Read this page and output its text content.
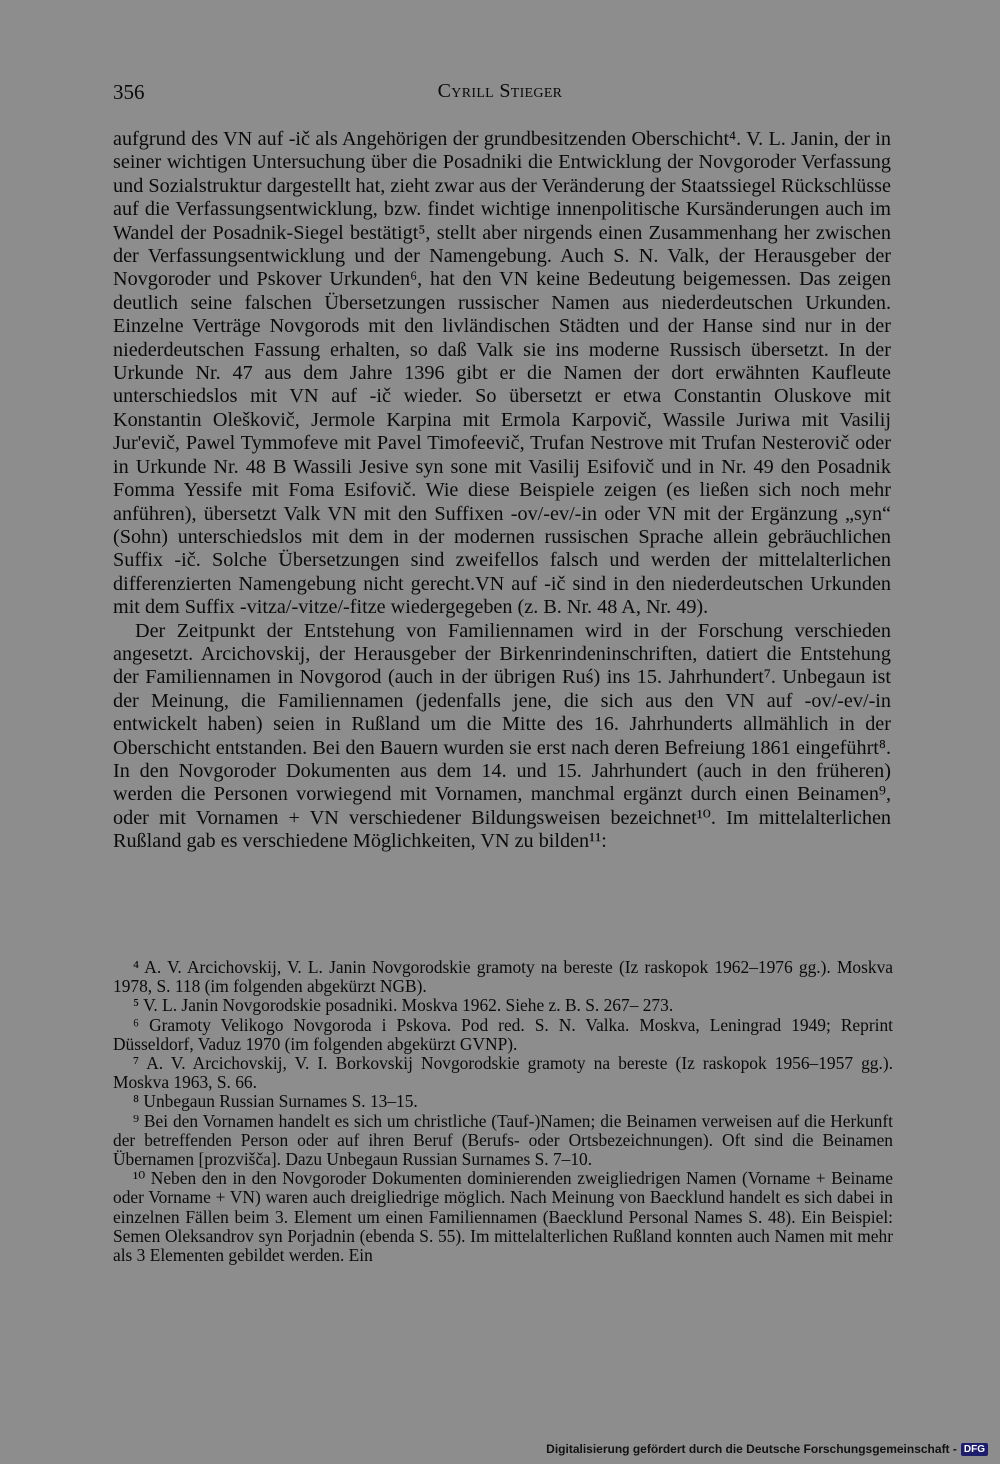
356	Cyrill Stieger

aufgrund des VN auf -ič als Angehörigen der grundbesitzenden Oberschicht⁴. V. L. Janin, der in seiner wichtigen Untersuchung über die Posadniki die Entwicklung der Novgoroder Verfassung und Sozialstruktur dargestellt hat, zieht zwar aus der Veränderung der Staatssiegel Rückschlüsse auf die Verfassungsentwicklung, bzw. findet wichtige innenpolitische Kursänderungen auch im Wandel der Posadnik-Siegel bestätigt⁵, stellt aber nirgends einen Zusammenhang her zwischen der Verfassungsentwicklung und der Namengebung. Auch S. N. Valk, der Herausgeber der Novgoroder und Pskover Urkunden⁶, hat den VN keine Bedeutung beigemessen. Das zeigen deutlich seine falschen Übersetzungen russischer Namen aus niederdeutschen Urkunden. Einzelne Verträge Novgorods mit den livländischen Städten und der Hanse sind nur in der niederdeutschen Fassung erhalten, so daß Valk sie ins moderne Russisch übersetzt. In der Urkunde Nr. 47 aus dem Jahre 1396 gibt er die Namen der dort erwähnten Kaufleute unterschiedslos mit VN auf -ič wieder. So übersetzt er etwa Constantin Oluskove mit Konstantin Oleškovič, Jermole Karpina mit Ermola Karpovič, Wassile Juriwa mit Vasilij Jur'evič, Pawel Tymmofeve mit Pavel Timofeevič, Trufan Nestrove mit Trufan Nesterovič oder in Urkunde Nr. 48 B Wassili Jesive syn sone mit Vasilij Esifovič und in Nr. 49 den Posadnik Fomma Yessife mit Foma Esifovič. Wie diese Beispiele zeigen (es ließen sich noch mehr anführen), übersetzt Valk VN mit den Suffixen -ov/-ev/-in oder VN mit der Ergänzung „syn“ (Sohn) unterschiedslos mit dem in der modernen russischen Sprache allein gebräuchlichen Suffix -ič. Solche Übersetzungen sind zweifellos falsch und werden der mittelalterlichen differenzierten Namengebung nicht gerecht.VN auf -ič sind in den niederdeutschen Urkunden mit dem Suffix -vitza/-vitze/-fitze wiedergegeben (z. B. Nr. 48 A, Nr. 49).

Der Zeitpunkt der Entstehung von Familiennamen wird in der Forschung verschieden angesetzt. Arcichovskij, der Herausgeber der Birkenrindeninschriften, datiert die Entstehung der Familiennamen in Novgorod (auch in der übrigen Ruś) ins 15. Jahrhundert⁷. Unbegaun ist der Meinung, die Familiennamen (jedenfalls jene, die sich aus den VN auf -ov/-ev/-in entwickelt haben) seien in Rußland um die Mitte des 16. Jahrhunderts allmählich in der Oberschicht entstanden. Bei den Bauern wurden sie erst nach deren Befreiung 1861 eingeführt⁸. In den Novgoroder Dokumenten aus dem 14. und 15. Jahrhundert (auch in den früheren) werden die Personen vorwiegend mit Vornamen, manchmal ergänzt durch einen Beinamen⁹, oder mit Vornamen + VN verschiedener Bildungsweisen bezeichnet¹⁰. Im mittelalterlichen Rußland gab es verschiedene Möglichkeiten, VN zu bilden¹¹:

⁴ A. V. Arcichovskij, V. L. Janin Novgorodskie gramoty na bereste (Iz raskopok 1962–1976 gg.). Moskva 1978, S. 118 (im folgenden abgekürzt NGB).

⁵ V. L. Janin Novgorodskie posadniki. Moskva 1962. Siehe z. B. S. 267– 273.

⁶ Gramoty Velikogo Novgoroda i Pskova. Pod red. S. N. Valka. Moskva, Leningrad 1949; Reprint Düsseldorf, Vaduz 1970 (im folgenden abgekürzt GVNP).

⁷ A. V. Arcichovskij, V. I. Borkovskij Novgorodskie gramoty na bereste (Iz raskopok 1956–1957 gg.). Moskva 1963, S. 66.

⁸ Unbegaun Russian Surnames S. 13–15.

⁹ Bei den Vornamen handelt es sich um christliche (Tauf-)Namen; die Beinamen verweisen auf die Herkunft der betreffenden Person oder auf ihren Beruf (Berufs- oder Ortsbezeichnungen). Oft sind die Beinamen Übernamen [prozvišča]. Dazu Unbegaun Russian Surnames S. 7–10.

¹⁰ Neben den in den Novgoroder Dokumenten dominierenden zweigliedrigen Namen (Vorname + Beiname oder Vorname + VN) waren auch dreigliedrige möglich. Nach Meinung von Baecklund handelt es sich dabei in einzelnen Fällen beim 3. Element um einen Familiennamen (Baecklund Personal Names S. 48). Ein Beispiel: Semen Oleksandrov syn Porjadnin (ebenda S. 55). Im mittelalterlichen Rußland konnten auch Namen mit mehr als 3 Elementen gebildet werden. Ein

Digitalisierung gefördert durch die Deutsche Forschungsgemeinschaft - DFG
